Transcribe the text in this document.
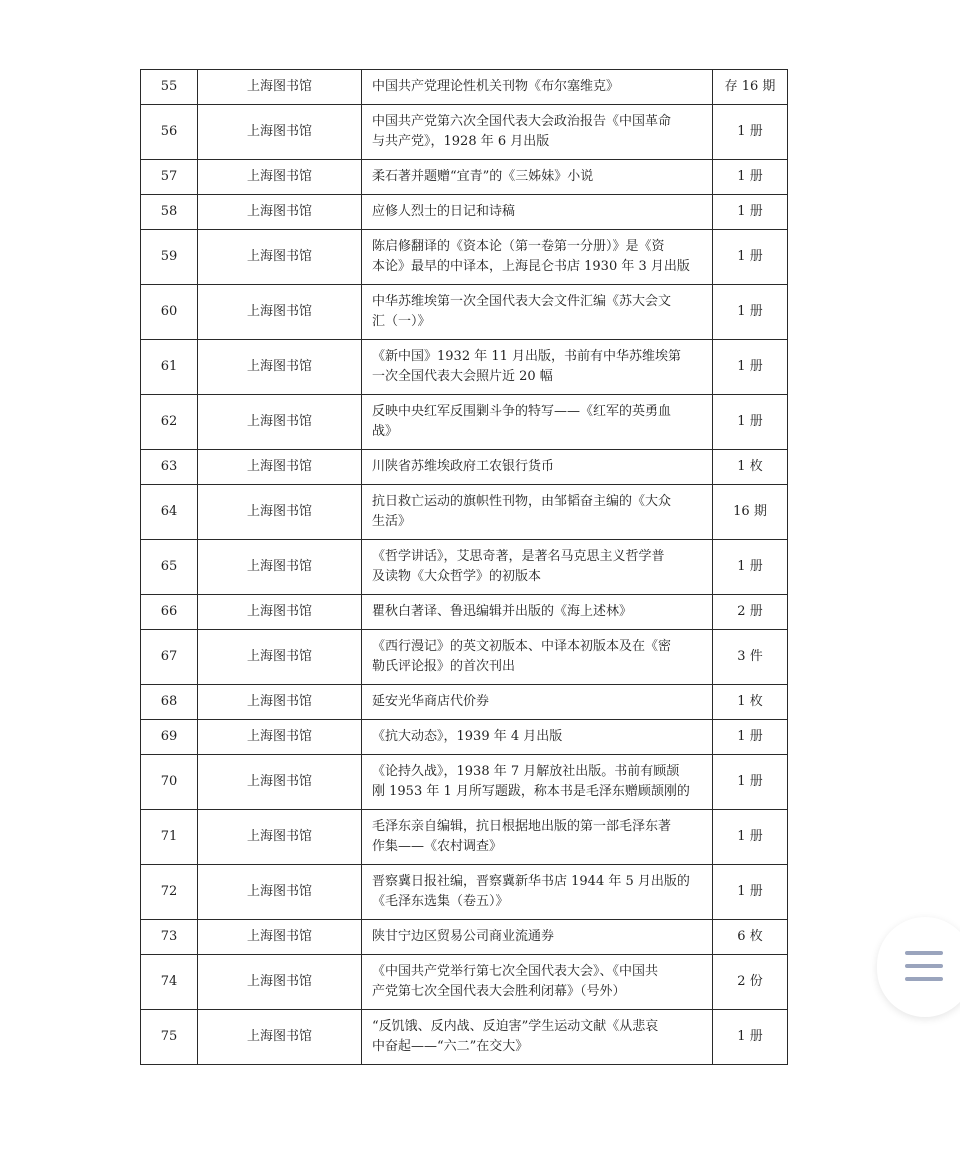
55	上海图书馆	中国共产党理论性机关刊物《布尔塞维克》	存 16 期
56	上海图书馆	中国共产党第六次全国代表大会政治报告《中国革命
与共产党》，1928 年 6 月出版	1 册
57	上海图书馆	柔石著并题赠“宜青”的《三姊妹》小说	1 册
58	上海图书馆	应修人烈士的日记和诗稿	1 册
59	上海图书馆	陈启修翻译的《资本论（第一卷第一分册）》是《资
本论》最早的中译本，上海昆仑书店 1930 年 3 月出版	1 册
60	上海图书馆	中华苏维埃第一次全国代表大会文件汇编《苏大会文
汇（一）》	1 册
61	上海图书馆	《新中国》1932 年 11 月出版，书前有中华苏维埃第
一次全国代表大会照片近 20 幅	1 册
62	上海图书馆	反映中央红军反围剿斗争的特写——《红军的英勇血
战》	1 册
63	上海图书馆	川陕省苏维埃政府工农银行货币	1 枚
64	上海图书馆	抗日救亡运动的旗帜性刊物，由邹韬奋主编的《大众
生活》	16 期
65	上海图书馆	《哲学讲话》，艾思奇著，是著名马克思主义哲学普
及读物《大众哲学》的初版本	1 册
66	上海图书馆	瞿秋白著译、鲁迅编辑并出版的《海上述林》	2 册
67	上海图书馆	《西行漫记》的英文初版本、中译本初版本及在《密
勒氏评论报》的首次刊出	3 件
68	上海图书馆	延安光华商店代价券	1 枚
69	上海图书馆	《抗大动态》，1939 年 4 月出版	1 册
70	上海图书馆	《论持久战》，1938 年 7 月解放社出版。书前有顾颉
刚 1953 年 1 月所写题跋，称本书是毛泽东赠顾颉刚的	1 册
71	上海图书馆	毛泽东亲自编辑，抗日根据地出版的第一部毛泽东著
作集——《农村调查》	1 册
72	上海图书馆	晋察冀日报社编，晋察冀新华书店 1944 年 5 月出版的
《毛泽东选集（卷五）》	1 册
73	上海图书馆	陕甘宁边区贸易公司商业流通券	6 枚
74	上海图书馆	《中国共产党举行第七次全国代表大会》、《中国共
产党第七次全国代表大会胜利闭幕》（号外）	2 份
75	上海图书馆	“反饥饿、反内战、反迫害”学生运动文献《从悲哀
中奋起——“六二”在交大》	1 册
